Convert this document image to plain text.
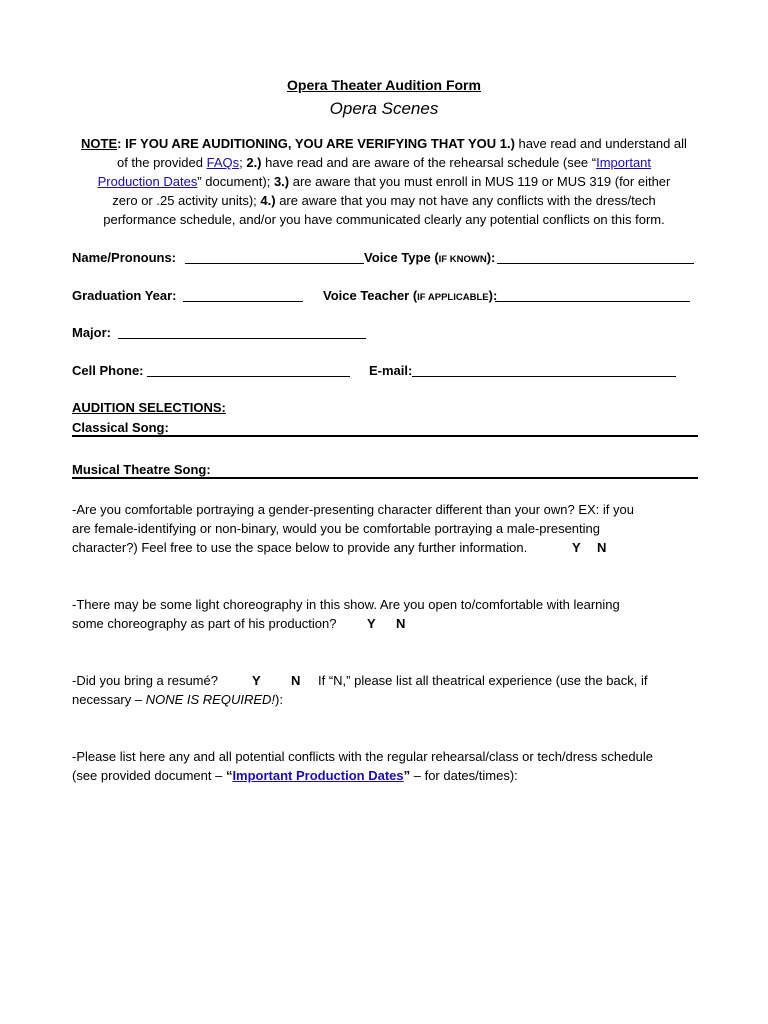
Opera Theater Audition Form
Opera Scenes
NOTE: IF YOU ARE AUDITIONING, YOU ARE VERIFYING THAT YOU 1.) have read and understand all
of the provided FAQs; 2.) have read and are aware of the rehearsal schedule (see “Important
Production Dates” document); 3.) are aware that you must enroll in MUS 119 or MUS 319 (for either
zero or .25 activity units); 4.) are aware that you may not have any conflicts with the dress/tech
performance schedule, and/or you have communicated clearly any potential conflicts on this form.
Name/Pronouns:	Voice Type (IF KNOWN):
Graduation Year:	Voice Teacher (IF APPLICABLE):
Major:
Cell Phone:	E-mail:
AUDITION SELECTIONS:
Classical Song:
Musical Theatre Song:
-Are you comfortable portraying a gender-presenting character different than your own? EX: if you
are female-identifying or non-binary, would you be comfortable portraying a male-presenting
character?) Feel free to use the space below to provide any further information.	Y N
-There may be some light choreography in this show. Are you open to/comfortable with learning
some choreography as part of his production? Y N
-Did you bring a resumé?	Y N If “N,” please list all theatrical experience (use the back, if
necessary – NONE IS REQUIRED!):
-Please list here any and all potential conflicts with the regular rehearsal/class or tech/dress schedule
(see provided document – “Important Production Dates” – for dates/times):
